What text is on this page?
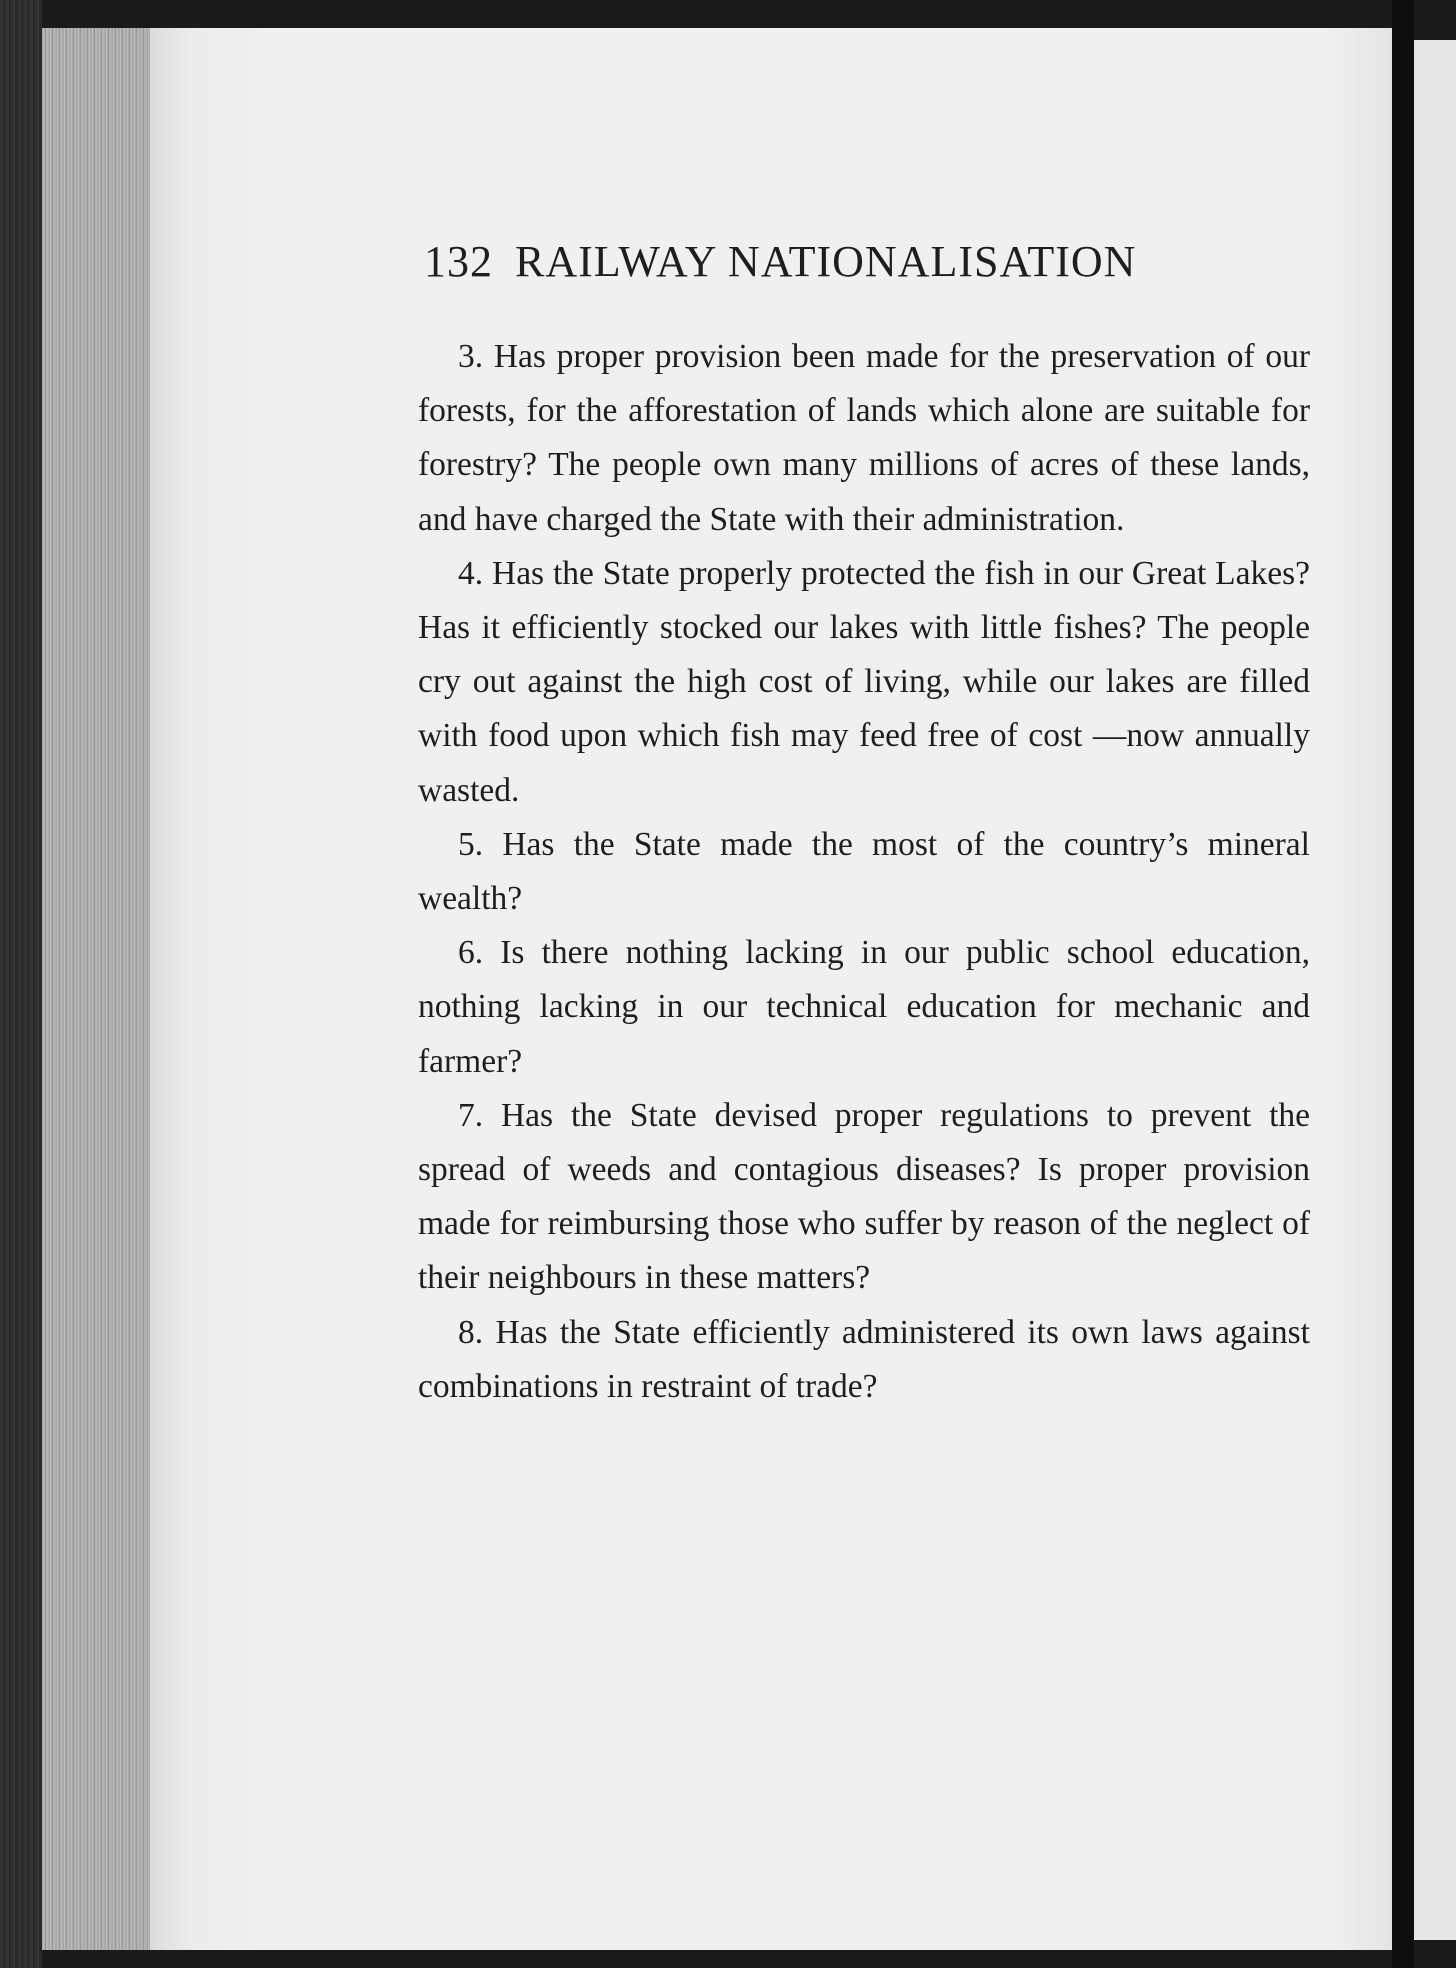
132 RAILWAY NATIONALISATION

3. Has proper provision been made for the preservation of our forests, for the afforestation of lands which alone are suitable for forestry? The people own many millions of acres of these lands, and have charged the State with their administration.

4. Has the State properly protected the fish in our Great Lakes? Has it efficiently stocked our lakes with little fishes? The people cry out against the high cost of living, while our lakes are filled with food upon which fish may feed free of cost —now annually wasted.

5. Has the State made the most of the country’s mineral wealth?

6. Is there nothing lacking in our public school education, nothing lacking in our technical education for mechanic and farmer?

7. Has the State devised proper regulations to prevent the spread of weeds and contagious diseases? Is proper provision made for reimbursing those who suffer by reason of the neglect of their neighbours in these matters?

8. Has the State efficiently administered its own laws against combinations in restraint of trade?
